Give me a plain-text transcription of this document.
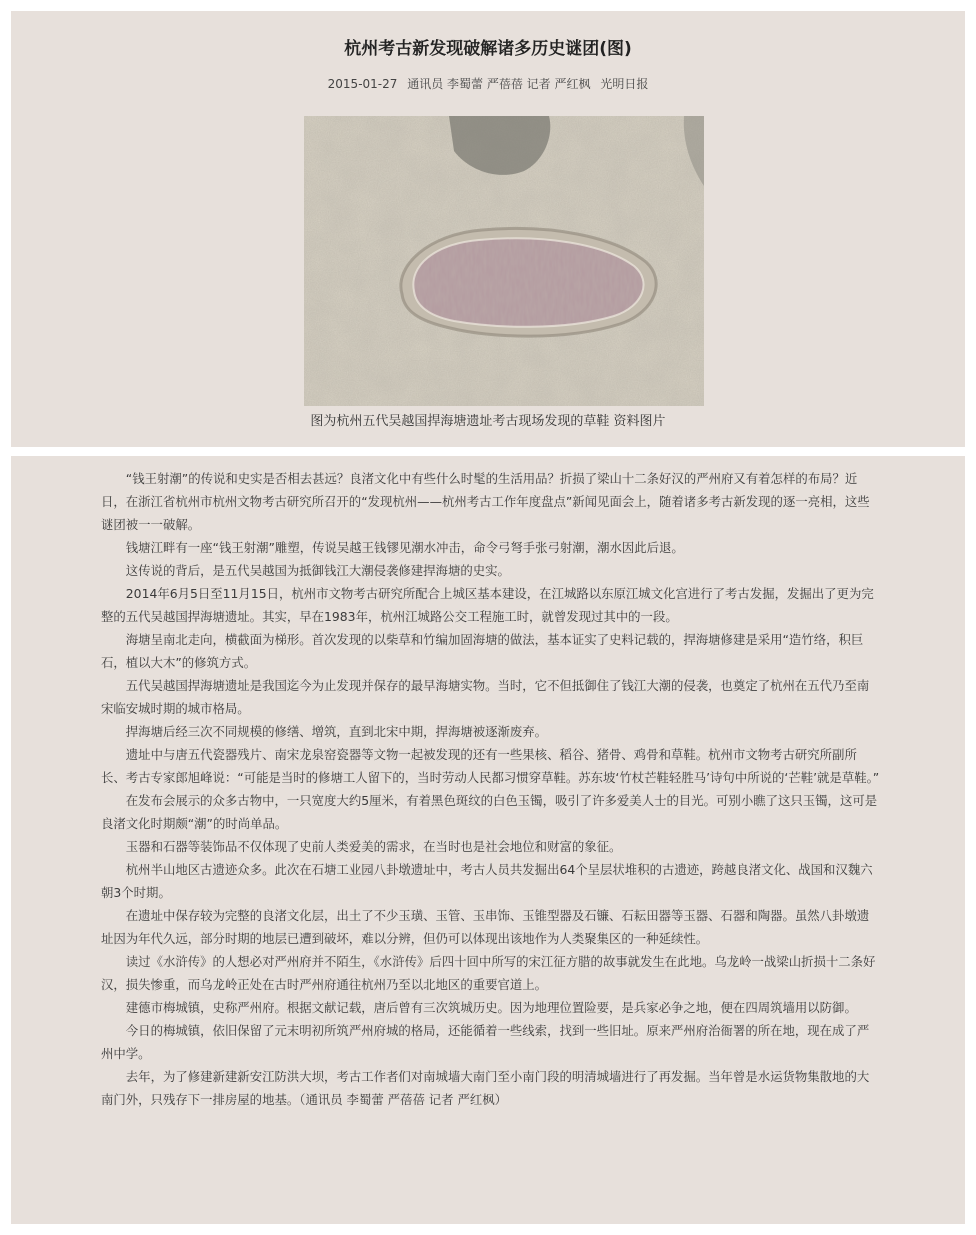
杭州考古新发现破解诸多历史谜团(图)
2015-01-27 通讯员 李蜀蕾 严蓓蓓 记者 严红枫 光明日报
图为杭州五代吴越国捍海塘遗址考古现场发现的草鞋 资料图片

“钱王射潮”的传说和史实是否相去甚远？良渚文化中有些什么时髦的生活用品？折损了梁山十二条好汉的严州府又有着怎样的布局？近日，在浙江省杭州市杭州文物考古研究所召开的“发现杭州——杭州考古工作年度盘点”新闻见面会上，随着诸多考古新发现的逐一亮相，这些谜团被一一破解。

钱塘江畔有一座“钱王射潮”雕塑，传说吴越王钱镠见潮水冲击，命令弓弩手张弓射潮，潮水因此后退。

这传说的背后，是五代吴越国为抵御钱江大潮侵袭修建捍海塘的史实。

2014年6月5日至11月15日，杭州市文物考古研究所配合上城区基本建设，在江城路以东原江城文化宫进行了考古发掘，发掘出了更为完整的五代吴越国捍海塘遗址。其实，早在1983年，杭州江城路公交工程施工时，就曾发现过其中的一段。

海塘呈南北走向，横截面为梯形。首次发现的以柴草和竹编加固海塘的做法，基本证实了史料记载的，捍海塘修建是采用“造竹络，积巨石，植以大木”的修筑方式。

五代吴越国捍海塘遗址是我国迄今为止发现并保存的最早海塘实物。当时，它不但抵御住了钱江大潮的侵袭，也奠定了杭州在五代乃至南宋临安城时期的城市格局。

捍海塘后经三次不同规模的修缮、增筑，直到北宋中期，捍海塘被逐渐废弃。

遗址中与唐五代瓷器残片、南宋龙泉窑瓷器等文物一起被发现的还有一些果核、稻谷、猪骨、鸡骨和草鞋。杭州市文物考古研究所副所长、考古专家郎旭峰说：“可能是当时的修塘工人留下的，当时劳动人民都习惯穿草鞋。苏东坡‘竹杖芒鞋轻胜马’诗句中所说的‘芒鞋’就是草鞋。”

在发布会展示的众多古物中，一只宽度大约5厘米，有着黑色斑纹的白色玉镯，吸引了许多爱美人士的目光。可别小瞧了这只玉镯，这可是良渚文化时期颇“潮”的时尚单品。

玉器和石器等装饰品不仅体现了史前人类爱美的需求，在当时也是社会地位和财富的象征。

杭州半山地区古遗迹众多。此次在石塘工业园八卦墩遗址中，考古人员共发掘出64个呈层状堆积的古遗迹，跨越良渚文化、战国和汉魏六朝3个时期。

在遗址中保存较为完整的良渚文化层，出土了不少玉璜、玉管、玉串饰、玉锥型器及石镰、石耘田器等玉器、石器和陶器。虽然八卦墩遗址因为年代久远，部分时期的地层已遭到破坏，难以分辨，但仍可以体现出该地作为人类聚集区的一种延续性。

读过《水浒传》的人想必对严州府并不陌生，《水浒传》后四十回中所写的宋江征方腊的故事就发生在此地。乌龙岭一战梁山折损十二条好汉，损失惨重，而乌龙岭正处在古时严州府通往杭州乃至以北地区的重要官道上。

建德市梅城镇，史称严州府。根据文献记载，唐后曾有三次筑城历史。因为地理位置险要，是兵家必争之地，便在四周筑墙用以防御。

今日的梅城镇，依旧保留了元末明初所筑严州府城的格局，还能循着一些线索，找到一些旧址。原来严州府治衙署的所在地，现在成了严州中学。

去年，为了修建新建新安江防洪大坝，考古工作者们对南城墙大南门至小南门段的明清城墙进行了再发掘。当年曾是水运货物集散地的大南门外，只残存下一排房屋的地基。（通讯员 李蜀蕾 严蓓蓓 记者 严红枫）
